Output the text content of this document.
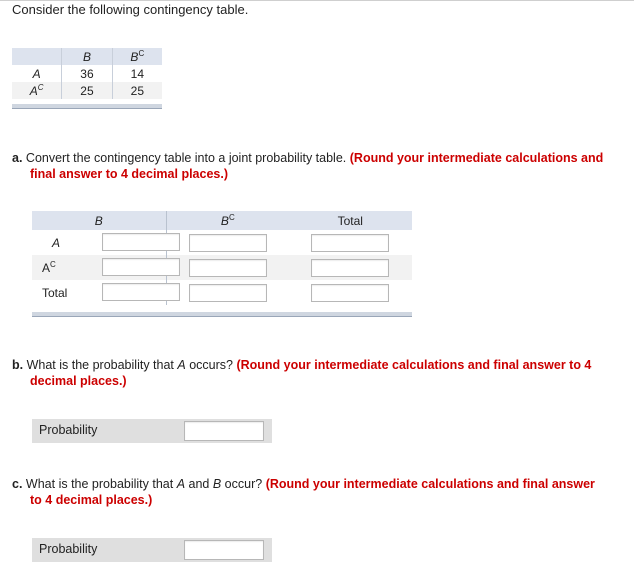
Consider the following contingency table.
	B	$B^C$
A	36	14
$A^C$	25	25
a. Convert the contingency table into a joint probability table. (Round your intermediate calculations and
final answer to 4 decimal places.)
B	$B^C$	Total

A		

$A^C$

Total		

b. What is the probability that A occurs? (Round your intermediate calculations and final answer to 4
decimal places.)
Probability
c. What is the probability that A and B occur? (Round your intermediate calculations and final answer
to 4 decimal places.)
Probability
